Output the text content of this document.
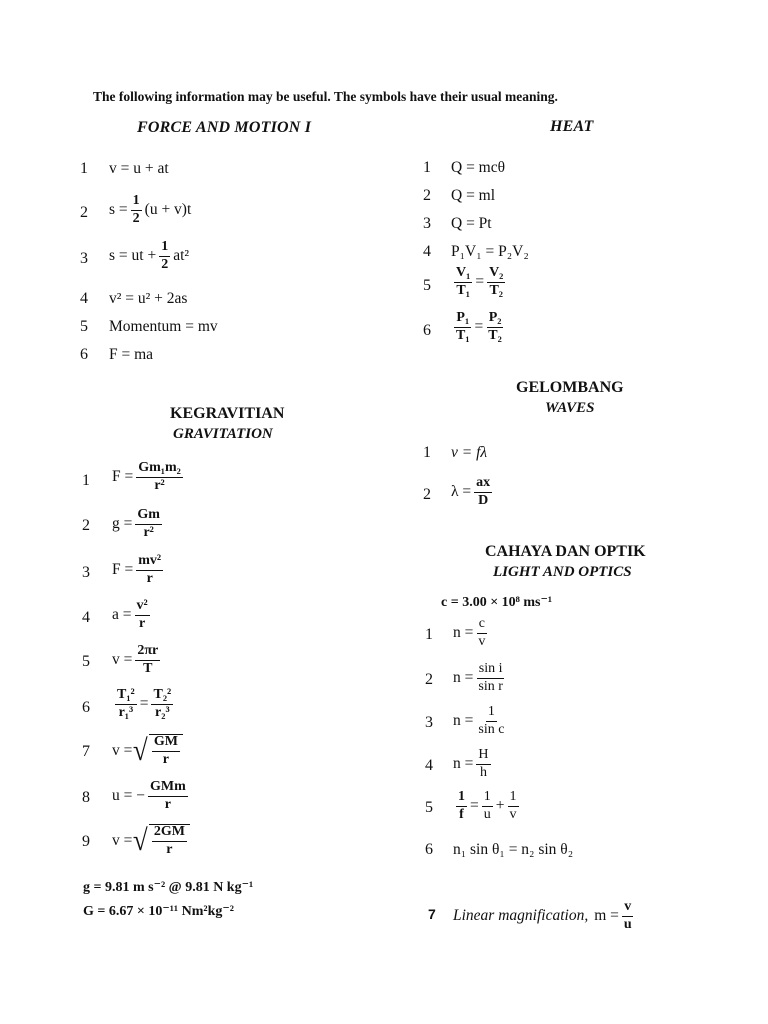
The following information may be useful. The symbols have their usual meaning.
FORCE AND MOTION I
1 v = u + at
2 $s = \frac{1}{2} (u + v)t$
3 s = ut + $\frac{1}{2} at^2$
4 v² = u² + 2as
5 Momentum = mv
6 F = ma
KEGRAVITIAN
GRAVITATION
1 $F = \frac{\text{Gm₁m₂}}{\text{r²}}$
2 $g = \frac{Gm}{\text{r²}}$
3 $F = \frac{\text{mv²}}{r}$
4 $a = \frac{\text{v²}}{r}$
5 $v = \frac{2\pi r}{T}$
$6 \frac{\text{T₁²}}{\text{r₁³}} = \frac{\text{T₂²}}{\text{r₂³}}$
7 v = √ $\frac{GM}{r}$
8 u = − $\frac{\text{GMm}}{r}$
9 v = √ $\frac{2GM}{r}$
g = 9.81 m s⁻² @ 9.81 N kg⁻¹
G = 6.67 × 10⁻¹¹ Nm²kg⁻²
HEAT
1 Q = mcθ
2 Q = ml
3 Q = Pt
4 P₁V₁ = P₂V₂
$5 \frac{\text{V₁}}{\text{T₁}} = \frac{\text{V₂}}{\text{T₂}}$
$6 \frac{\text{P₁}}{\text{T₁}} = \frac{\text{P₂}}{\text{T₂}}$
GELOMBANG
WAVES
1 v = fλ
2 $\lambda = \frac{ax}{D}$
CAHAYA DAN OPTIK
LIGHT AND OPTICS
c = 3.00 × 10⁸ ms⁻¹
1 $n = \frac{c}{v}$
2 $n = \frac{\text{sin i}}{\text{sin r}}$
3 $n = \frac{1}{\text{sin c}}$
4 $n = \frac{H}{h}$
$5 \frac{1}{f} = \frac{1}{u} + \frac{1}{v}$
6 n₁ sin θ₁ = n₂ sin θ₂
7 Linear magnification, $m = \frac{v}{u}$
